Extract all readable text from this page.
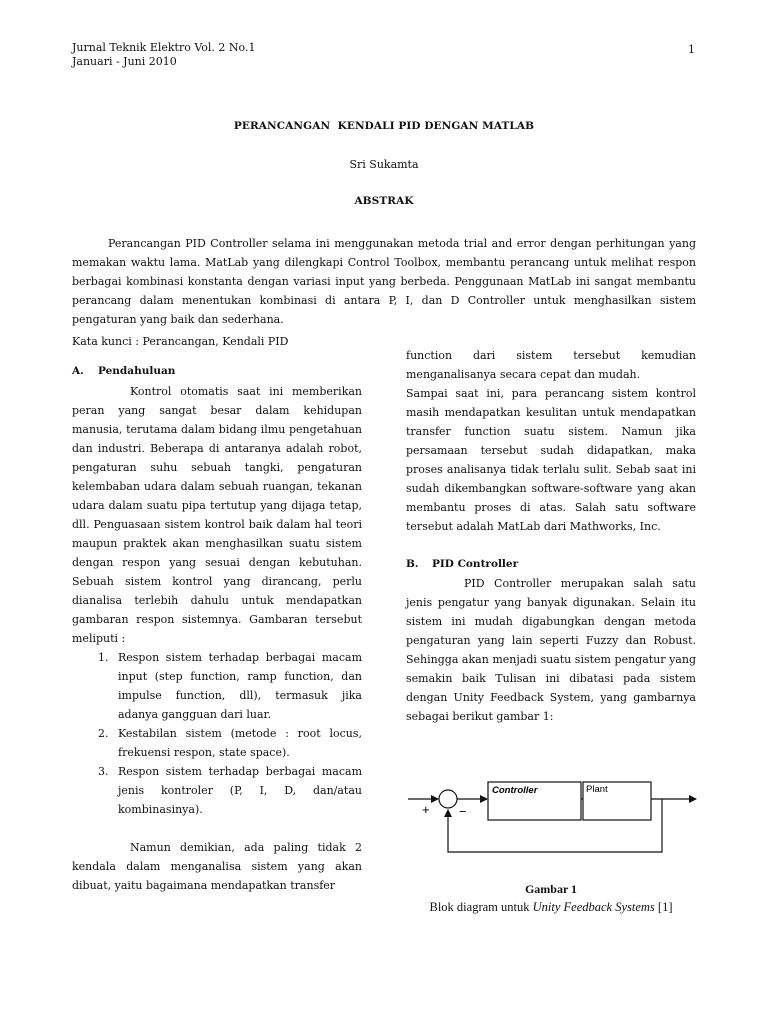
Jurnal Teknik Elektro Vol. 2 No.1
Januari - Juni 2010
1
PERANCANGAN  KENDALI PID DENGAN MATLAB
Sri Sukamta
ABSTRAK

Perancangan PID Controller selama ini menggunakan metoda trial and error dengan perhitungan yang memakan waktu lama. MatLab yang dilengkapi Control Toolbox, membantu perancang untuk melihat respon berbagai kombinasi konstanta dengan variasi input yang berbeda. Penggunaan MatLab ini sangat membantu perancang dalam menentukan kombinasi di antara P, I, dan D Controller untuk menghasilkan sistem pengaturan yang baik dan sederhana.

Kata kunci : Perancangan, Kendali PID
A. Pendahuluan

Kontrol otomatis saat ini memberikan peran yang sangat besar dalam kehidupan manusia, terutama dalam bidang ilmu pengetahuan dan industri. Beberapa di antaranya adalah robot, pengaturan suhu sebuah tangki, pengaturan kelembaban udara dalam sebuah ruangan, tekanan udara dalam suatu pipa tertutup yang dijaga tetap, dll. Penguasaan sistem kontrol baik dalam hal teori maupun praktek akan menghasilkan suatu sistem dengan respon yang sesuai dengan kebutuhan. Sebuah sistem kontrol yang dirancang, perlu dianalisa terlebih dahulu untuk mendapatkan gambaran respon sistemnya. Gambaran tersebut meliputi :

1. Respon sistem terhadap berbagai macam input (step function, ramp function, dan impulse function, dll), termasuk jika adanya gangguan dari luar.
2. Kestabilan sistem (metode : root locus, frekuensi respon, state space).
3. Respon sistem terhadap berbagai macam jenis kontroler (P, I, D, dan/atau kombinasinya).

Namun demikian, ada paling tidak 2 kendala dalam menganalisa sistem yang akan dibuat, yaitu bagaimana mendapatkan transfer

function dari sistem tersebut kemudian menganalisanya secara cepat dan mudah.

Sampai saat ini, para perancang sistem kontrol masih mendapatkan kesulitan untuk mendapatkan transfer function suatu sistem. Namun jika persamaan tersebut sudah didapatkan, maka proses analisanya tidak terlalu sulit. Sebab saat ini sudah dikembangkan software-software yang akan membantu proses di atas. Salah satu software tersebut adalah MatLab dari Mathworks, Inc.

B. PID Controller

PID Controller merupakan salah satu jenis pengatur yang banyak digunakan. Selain itu sistem ini mudah digabungkan dengan metoda pengaturan yang lain seperti Fuzzy dan Robust. Sehingga akan menjadi suatu sistem pengatur yang semakin baik Tulisan ini dibatasi pada sistem dengan Unity Feedback System, yang gambarnya sebagai berikut gambar 1:

+ −
Controller	Plant
Gambar 1
Blok diagram untuk Unity Feedback Systems [1]
